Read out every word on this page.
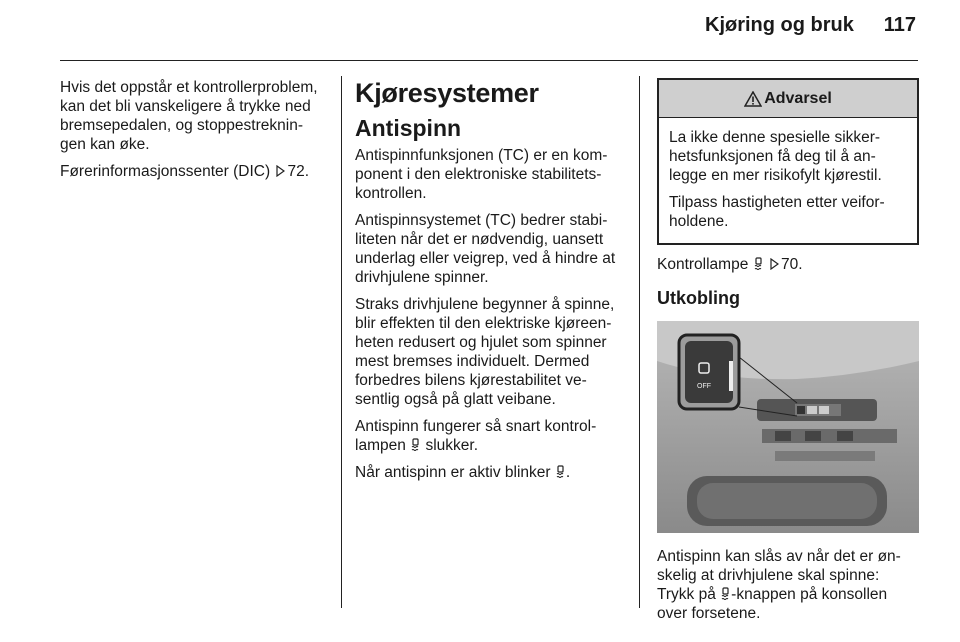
Kjøring og bruk	117

Hvis det oppstår et kontrollerproblem, kan det bli vanskeligere å trykke ned bremsepedalen, og stoppestreknin-gen kan øke.

Førerinformasjonssenter (DIC) 72.

Kjøresystemer
Antispinn

Antispinnfunksjonen (TC) er en kom-ponent i den elektroniske stabilitets-kontrollen.

Antispinnsystemet (TC) bedrer stabi-liteten når det er nødvendig, uansett underlag eller veigrep, ved å hindre at drivhjulene spinner.

Straks drivhjulene begynner å spinne, blir effekten til den elektriske kjøreen-heten redusert og hjulet som spinner mest bremses individuelt. Dermed forbedres bilens kjørestabilitet ve-sentlig også på glatt veibane.

Antispinn fungerer så snart kontrol-lampen slukker.

Når antispinn er aktiv blinker .

Advarsel

La ikke denne spesielle sikker-hetsfunksjonen få deg til å an-legge en mer risikofylt kjørestil.

Tilpass hastigheten etter veifor-holdene.

Kontrollampe 70.

Utkobling
OFF

Antispinn kan slås av når det er øn-skelig at drivhjulene skal spinne: Trykk på -knappen på konsollen over forsetene.
